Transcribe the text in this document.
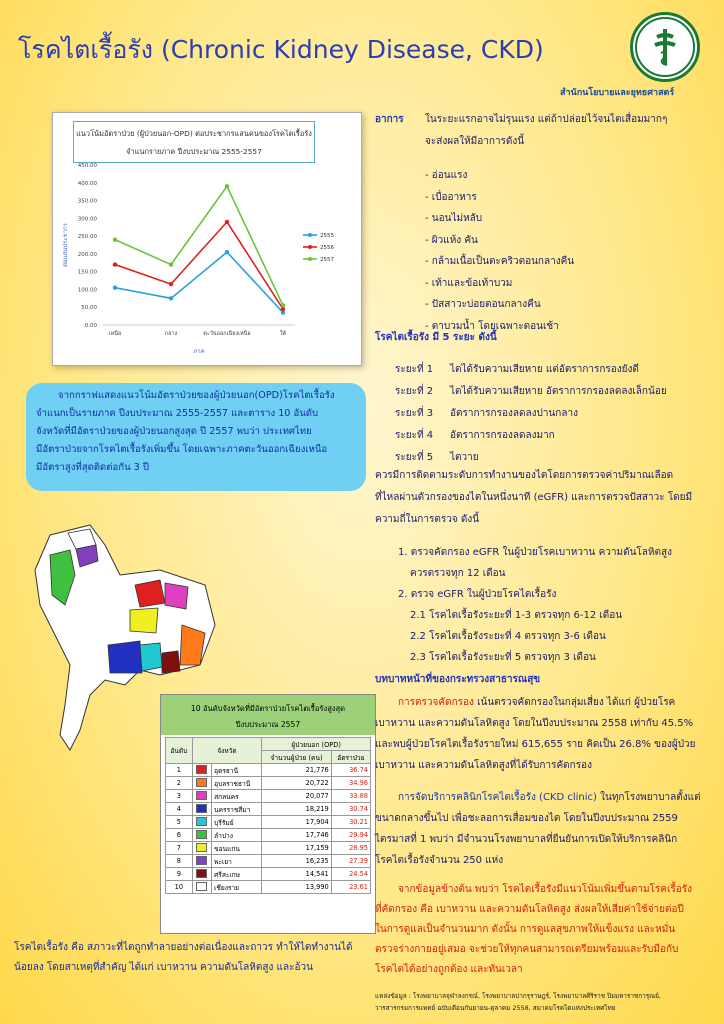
โรคไตเรื้อรัง (Chronic Kidney Disease, CKD)
สำนักนโยบายและยุทธศาสตร์
แนวโน้มอัตราป่วย (ผู้ป่วยนอก-OPD) ต่อประชากรแสนคนของโรคไตเรื้อรัง
จำแนกรายภาค ปีงบประมาณ 2555-2557
0.00
50.00
100.00
150.00
200.00
250.00
300.00
350.00
400.00
450.00
เหนือ	กลาง	ตะวันออกเฉียงเหนือ	ใต้
ภาค
ต่อแสนประชากร	2555
2556
2557
จากกราฟแสดงแนวโน้มอัตราป่วยของผู้ป่วยนอก(OPD)โรคไตเรื้อรัง
จำแนกเป็นรายภาค ปีงบประมาณ 2555-2557 และตาราง 10 อันดับ
จังหวัดที่มีอัตราป่วยของผู้ป่วยนอกสูงสุด ปี 2557 พบว่า ประเทศไทย
มีอัตราป่วยจากโรคไตเรื้อรังเพิ่มขึ้น โดยเฉพาะภาคตะวันออกเฉียงเหนือ
มีอัตราสูงที่สุดติดต่อกัน 3 ปี
10 อันดับจังหวัดที่มีอัตราป่วยโรคไตเรื้อรังสูงสุด
ปีงบประมาณ 2557
อันดับ	จังหวัด		ผู้ป่วยนอก (OPD)	
			จำนวนผู้ป่วย (คน)	อัตราป่วย
1		อุดรธานี	21,776	36.74
2		อุบลราชธานี	20,722	34.96
3		สกลนคร	20,077	33.88
4		นครราชสีมา	18,219	30.74
5		บุรีรัมย์	17,904	30.21
6		ลำปาง	17,746	29.94
7		ขอนแก่น	17,159	28.95
8		พะเยา	16,235	27.39
9		ศรีสะเกษ	14,541	24.54
10		เชียงราย	13,990	23.61
โรคไตเรื้อรัง คือ สภาวะที่ไตถูกทำลายอย่างต่อเนื่องและถาวร ทำให้ไตทำงานได้น้อยลง โดยสาเหตุที่สำคัญ ได้แก่ เบาหวาน ความดันโลหิตสูง และอ้วน
อาการ ในระยะแรกอาจไม่รุนแรง แต่ถ้าปล่อยไว้จนไตเสื่อมมากๆ
จะส่งผลให้มีอาการดังนี้
- อ่อนแรง
- เบื่ออาหาร
- นอนไม่หลับ
- ผิวแห้ง คัน
- กล้ามเนื้อเป็นตะคริวตอนกลางคืน
- เท้าและข้อเท้าบวม
- ปัสสาวะบ่อยตอนกลางคืน
- ตาบวมน้ำ โดยเฉพาะตอนเช้า
โรคไตเรื้อรัง มี 5 ระยะ ดังนี้
ระยะที่ 1 ไตได้รับความเสียหาย แต่อัตราการกรองยังดี
ระยะที่ 2 ไตได้รับความเสียหาย อัตราการกรองลดลงเล็กน้อย
ระยะที่ 3 อัตราการกรองลดลงปานกลาง
ระยะที่ 4 อัตราการกรองลดลงมาก
ระยะที่ 5 ไตวาย
ควรมีการติดตามระดับการทำงานของไตโดยการตรวจค่าปริมาณเลือด
ที่ไหลผ่านตัวกรองของไตในหนึ่งนาที (eGFR) และการตรวจปัสสาวะ โดยมี
ความถี่ในการตรวจ ดังนี้
1. ตรวจคัดกรอง eGFR ในผู้ป่วยโรคเบาหวาน ความดันโลหิตสูง
ควรตรวจทุก 12 เดือน
2. ตรวจ eGFR ในผู้ป่วยโรคไตเรื้อรัง
2.1 โรคไตเรื้อรังระยะที่ 1-3 ตรวจทุก 6-12 เดือน
2.2 โรคไตเรื้อรังระยะที่ 4 ตรวจทุก 3-6 เดือน
2.3 โรคไตเรื้อรังระยะที่ 5 ตรวจทุก 3 เดือน
บทบาทหน้าที่ของกระทรวงสาธารณสุข
การตรวจคัดกรอง เน้นตรวจคัดกรองในกลุ่มเสี่ยง ได้แก่ ผู้ป่วยโรค
เบาหวาน และความดันโลหิตสูง โดยในปีงบประมาณ 2558 เท่ากับ 45.5%
และพบผู้ป่วยโรคไตเรื้อรังรายใหม่ 615,655 ราย คิดเป็น 26.8% ของผู้ป่วย
เบาหวาน และความดันโลหิตสูงที่ได้รับการคัดกรอง
การจัดบริการคลินิกโรคไตเรื้อรัง (CKD clinic) ในทุกโรงพยาบาลตั้งแต่
ขนาดกลางขึ้นไป เพื่อชะลอการเสื่อมของไต โดยในปีงบประมาณ 2559
ไตรมาสที่ 1 พบว่า มีจำนวนโรงพยาบาลที่ยืนยันการเปิดให้บริการคลินิก
โรคไตเรื้อรังจำนวน 250 แห่ง
จากข้อมูลข้างต้น พบว่า โรคไตเรื้อรังมีแนวโน้มเพิ่มขึ้นตามโรคเรื้อรัง
ที่คัดกรอง คือ เบาหวาน และความดันโลหิตสูง ส่งผลให้เสียค่าใช้จ่ายต่อปี
ในการดูแลเป็นจำนวนมาก ดังนั้น การดูแลสุขภาพให้แข็งแรง และหมั่น
ตรวจร่างกายอยู่เสมอ จะช่วยให้ทุกคนสามารถเตรียมพร้อมและรับมือกับ
โรคไตได้อย่างถูกต้อง และทันเวลา
แหล่งข้อมูล : โรงพยาบาลจุฬาลงกรณ์, โรงพยาบาลปากรุราษฎร์, โรงพยาบาลศิริราช ปิยมหาราชการุณย์,
วารสารกรมการแพทย์ ฉบับเดือนกันยายน-ตุลาคม 2558, สมาคมโรคไตแห่งประเทศไทย
